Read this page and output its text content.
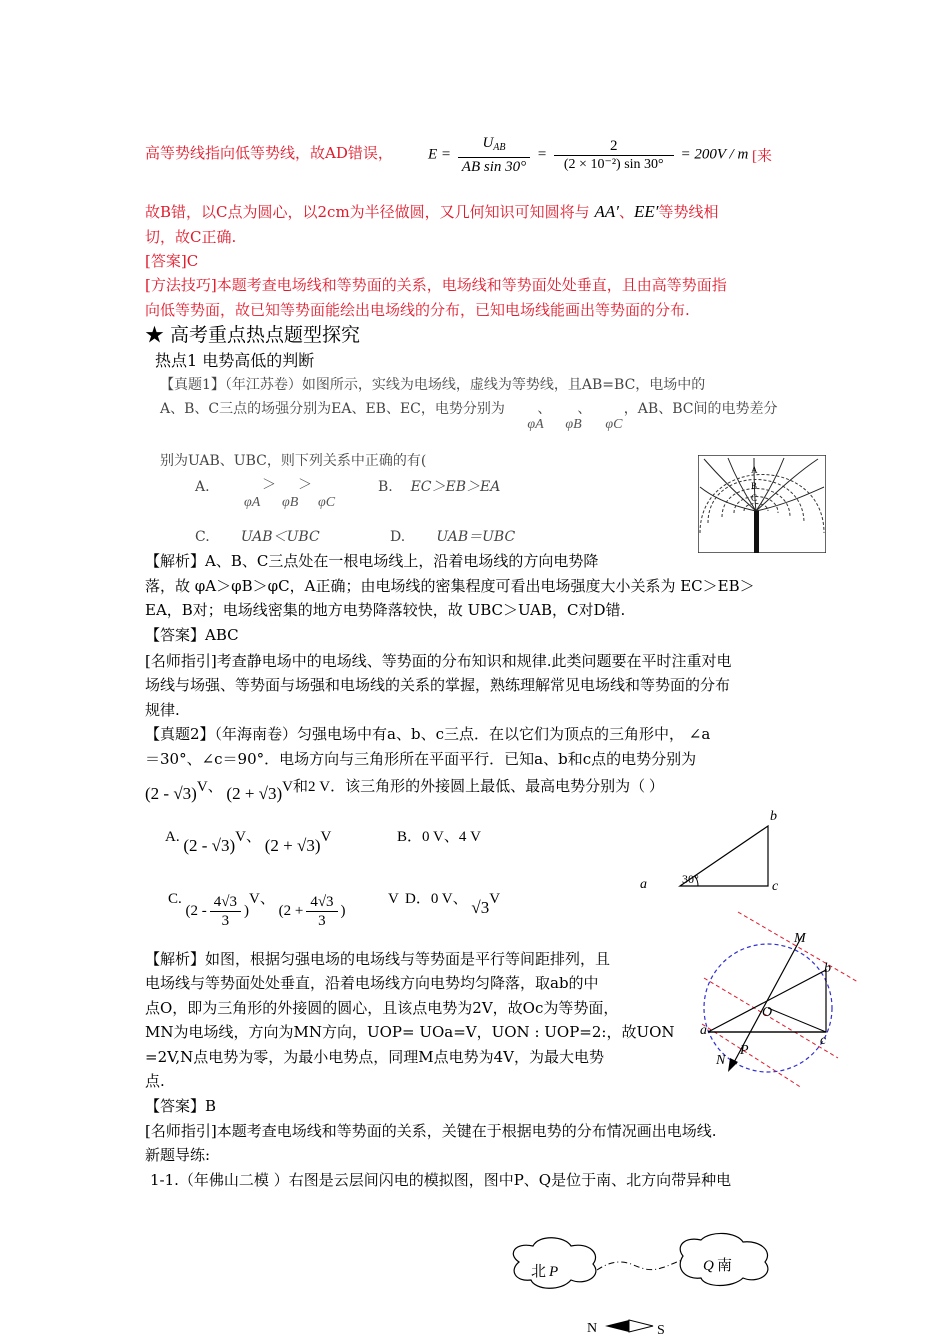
高等势线指向低等势线，故AD错误， $E = \frac{U_{AB}}{\text{AB sin 30°}} = \frac{2}{\text{(2 × 10⁻²) sin 30°}} = 200V / m$ [来
故B错，以C点为圆心，以2cm为半径做圆，又几何知识可知圆将与 AA′、EE′等势线相
切，故C正确.
[答案]C
[方法技巧]本题考查电场线和等势面的关系，电场线和等势面处处垂直，且由高等势面指
向低等势面，故已知等势面能绘出电场线的分布，已知电场线能画出等势面的分布.
★ 高考重点热点题型探究
热点1 电势高低的判断
【真题1】（年江苏卷）如图所示，实线为电场线，虚线为等势线，且AB=BC，电场中的
A、B、C三点的场强分别为EA、EB、EC，电势分别为
φA
、
φB
、
φC
，AB、BC间的电势差分
别为UAB、UBC，则下列关系中正确的有(
A.	＞ ＞
φA φB φC

B. EC＞EB＞EA
C. UAB＜UBC	D. UAB＝UBC
A
B
C
【解析】A、B、C三点处在一根电场线上，沿着电场线的方向电势降
落，故 φA＞φB＞φC，A正确；由电场线的密集程度可看出电场强度大小关系为 EC＞EB＞
EA，B对；电场线密集的地方电势降落较快，故 UBC＞UAB，C对D错.
【答案】ABC
[名师指引]考查静电场中的电场线、等势面的分布知识和规律.此类问题要在平时注重对电
场线与场强、等势面与场强和电场线的关系的掌握，熟练理解常见电场线和等势面的分布
规律.
【真题2】（年海南卷）匀强电场中有a、b、c三点．在以它们为顶点的三角形中， ∠a
＝30°、∠c＝90°．电场方向与三角形所在平面平行．已知a、b和c点的电势分别为
(2 - √3)V、 (2 + √3)V和2 V．该三角形的外接圆上最低、最高电势分别为（ ）
A. (2 - √3)V、 (2 + √3)V	B．0 V、4 V
C. $(2 - \frac{4√3}{3} )V$、 ($2 + \frac{4√3}{3}$ )
V D．0 V、 √3V
b
a	c
30°
M
b
O
a
c
P
N
【解析】如图，根据匀强电场的电场线与等势面是平行等间距排列，且
电场线与等势面处处垂直，沿着电场线方向电势均匀降落，取ab的中
点O，即为三角形的外接圆的圆心，且该点电势为2V，故Oc为等势面，
MN为电场线，方向为MN方向，UOP= UOa=V，UON : UOP=2:，故UON
=2V,N点电势为零，为最小电势点，同理M点电势为4V，为最大电势
点.
【答案】B
[名师指引]本题考查电场线和等势面的关系，关键在于根据电势的分布情况画出电场线.
新题导练:
1-1.（年佛山二模 ）右图是云层间闪电的模拟图，图中P、Q是位于南、北方向带异种电
北 P	Q 南
N	S
